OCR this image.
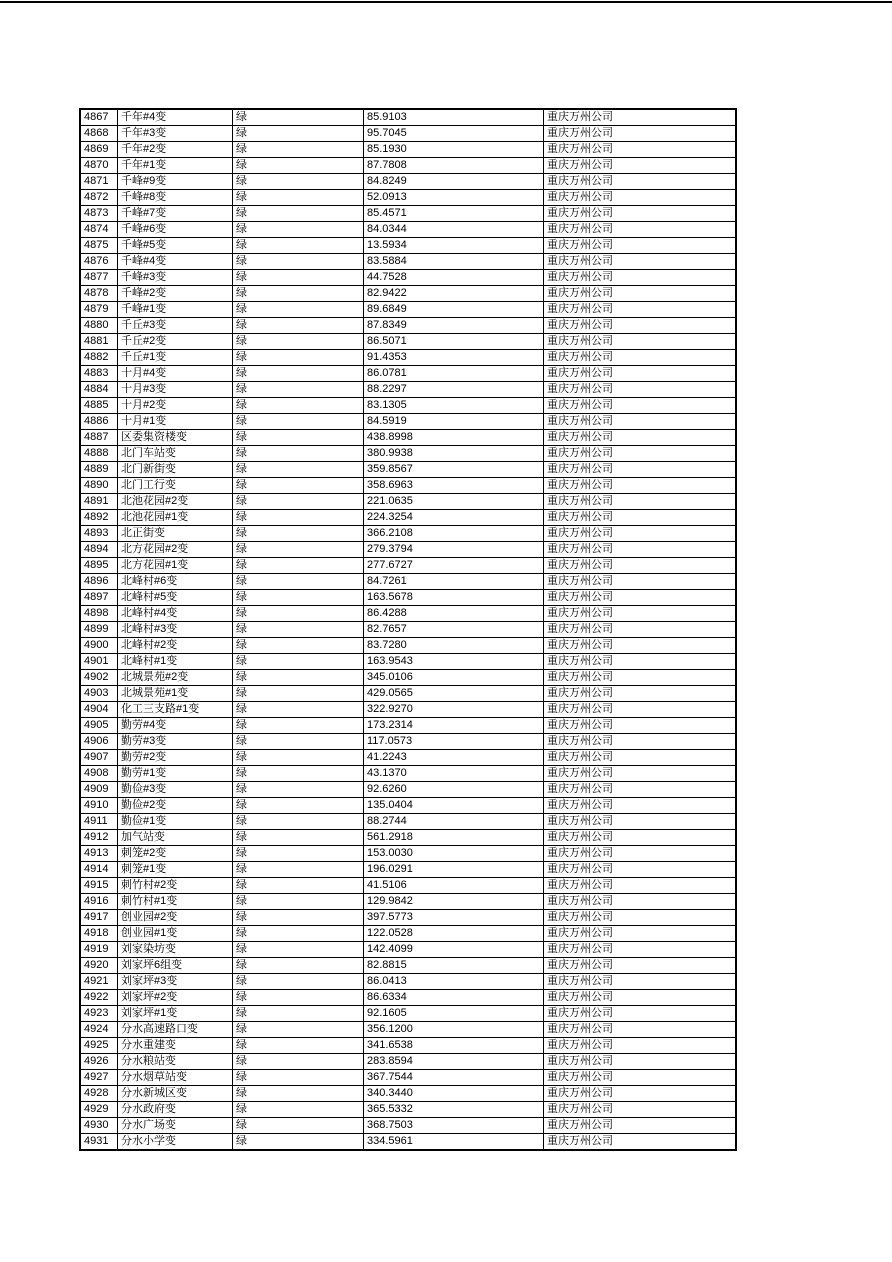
4867	千年#4变	绿	85.9103	重庆万州公司
4868	千年#3变	绿	95.7045	重庆万州公司
4869	千年#2变	绿	85.1930	重庆万州公司
4870	千年#1变	绿	87.7808	重庆万州公司
4871	千峰#9变	绿	84.8249	重庆万州公司
4872	千峰#8变	绿	52.0913	重庆万州公司
4873	千峰#7变	绿	85.4571	重庆万州公司
4874	千峰#6变	绿	84.0344	重庆万州公司
4875	千峰#5变	绿	13.5934	重庆万州公司
4876	千峰#4变	绿	83.5884	重庆万州公司
4877	千峰#3变	绿	44.7528	重庆万州公司
4878	千峰#2变	绿	82.9422	重庆万州公司
4879	千峰#1变	绿	89.6849	重庆万州公司
4880	千丘#3变	绿	87.8349	重庆万州公司
4881	千丘#2变	绿	86.5071	重庆万州公司
4882	千丘#1变	绿	91.4353	重庆万州公司
4883	十月#4变	绿	86.0781	重庆万州公司
4884	十月#3变	绿	88.2297	重庆万州公司
4885	十月#2变	绿	83.1305	重庆万州公司
4886	十月#1变	绿	84.5919	重庆万州公司
4887	区委集资楼变	绿	438.8998	重庆万州公司
4888	北门车站变	绿	380.9938	重庆万州公司
4889	北门新街变	绿	359.8567	重庆万州公司
4890	北门工行变	绿	358.6963	重庆万州公司
4891	北池花园#2变	绿	221.0635	重庆万州公司
4892	北池花园#1变	绿	224.3254	重庆万州公司
4893	北正街变	绿	366.2108	重庆万州公司
4894	北方花园#2变	绿	279.3794	重庆万州公司
4895	北方花园#1变	绿	277.6727	重庆万州公司
4896	北峰村#6变	绿	84.7261	重庆万州公司
4897	北峰村#5变	绿	163.5678	重庆万州公司
4898	北峰村#4变	绿	86.4288	重庆万州公司
4899	北峰村#3变	绿	82.7657	重庆万州公司
4900	北峰村#2变	绿	83.7280	重庆万州公司
4901	北峰村#1变	绿	163.9543	重庆万州公司
4902	北城景苑#2变	绿	345.0106	重庆万州公司
4903	北城景苑#1变	绿	429.0565	重庆万州公司
4904	化工三支路#1变	绿	322.9270	重庆万州公司
4905	勤劳#4变	绿	173.2314	重庆万州公司
4906	勤劳#3变	绿	117.0573	重庆万州公司
4907	勤劳#2变	绿	41.2243	重庆万州公司
4908	勤劳#1变	绿	43.1370	重庆万州公司
4909	勤俭#3变	绿	92.6260	重庆万州公司
4910	勤俭#2变	绿	135.0404	重庆万州公司
4911	勤俭#1变	绿	88.2744	重庆万州公司
4912	加气站变	绿	561.2918	重庆万州公司
4913	刺笼#2变	绿	153.0030	重庆万州公司
4914	刺笼#1变	绿	196.0291	重庆万州公司
4915	刺竹村#2变	绿	41.5106	重庆万州公司
4916	刺竹村#1变	绿	129.9842	重庆万州公司
4917	创业园#2变	绿	397.5773	重庆万州公司
4918	创业园#1变	绿	122.0528	重庆万州公司
4919	刘家染坊变	绿	142.4099	重庆万州公司
4920	刘家坪6组变	绿	82.8815	重庆万州公司
4921	刘家坪#3变	绿	86.0413	重庆万州公司
4922	刘家坪#2变	绿	86.6334	重庆万州公司
4923	刘家坪#1变	绿	92.1605	重庆万州公司
4924	分水高速路口变	绿	356.1200	重庆万州公司
4925	分水重建变	绿	341.6538	重庆万州公司
4926	分水粮站变	绿	283.8594	重庆万州公司
4927	分水烟草站变	绿	367.7544	重庆万州公司
4928	分水新城区变	绿	340.3440	重庆万州公司
4929	分水政府变	绿	365.5332	重庆万州公司
4930	分水广场变	绿	368.7503	重庆万州公司
4931	分水小学变	绿	334.5961	重庆万州公司
